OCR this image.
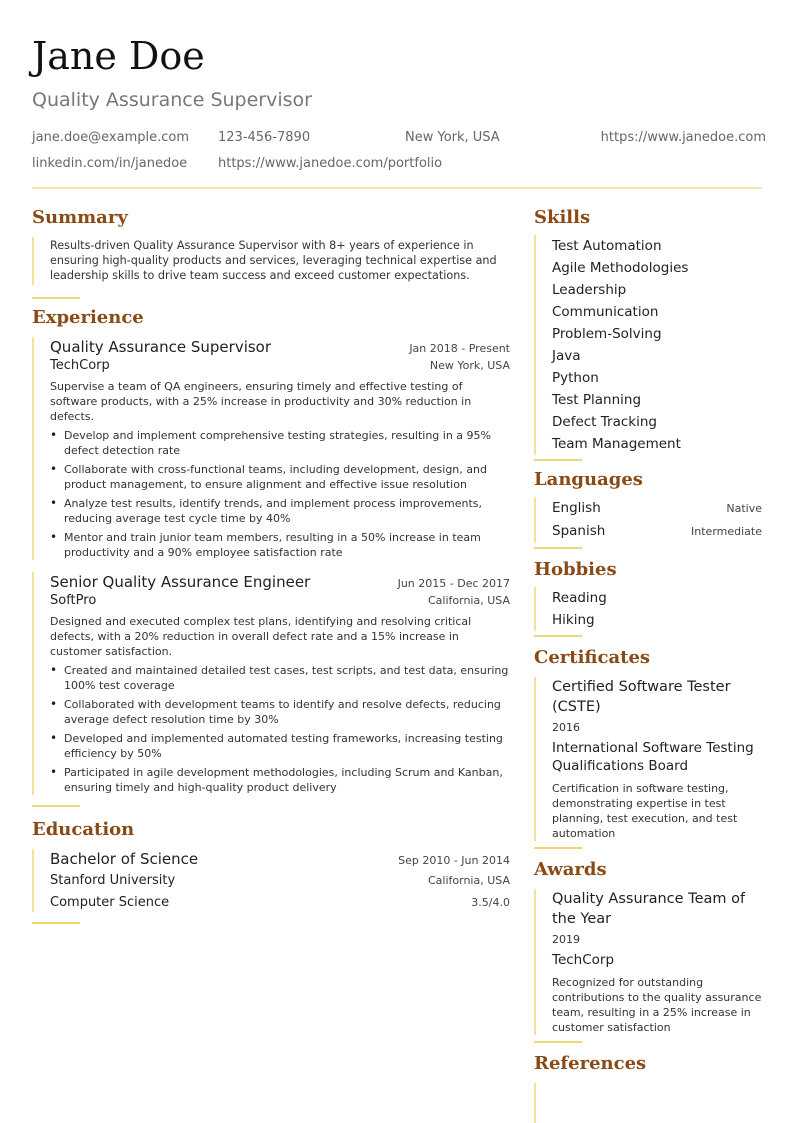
Jane Doe
Quality Assurance Supervisor
jane.doe@example.com 123-456-7890	New York, USA	https://www.janedoe.com
linkedin.com/in/janedoe https://www.janedoe.com/portfolio
Summary

Results-driven Quality Assurance Supervisor with 8+ years of experience in ensuring high-quality products and services, leveraging technical expertise and leadership skills to drive team success and exceed customer expectations.

Experience
Quality Assurance Supervisor	Jan 2018 - Present
TechCorp	New York, USA

Supervise a team of QA engineers, ensuring timely and effective testing of software products, with a 25% increase in productivity and 30% reduction in defects.

• Develop and implement comprehensive testing strategies, resulting in a 95% defect detection rate
• Collaborate with cross-functional teams, including development, design, and product management, to ensure alignment and effective issue resolution
• Analyze test results, identify trends, and implement process improvements, reducing average test cycle time by 40%
• Mentor and train junior team members, resulting in a 50% increase in team productivity and a 90% employee satisfaction rate
Senior Quality Assurance Engineer	Jun 2015 - Dec 2017
SoftPro	California, USA

Designed and executed complex test plans, identifying and resolving critical defects, with a 20% reduction in overall defect rate and a 15% increase in customer satisfaction.

• Created and maintained detailed test cases, test scripts, and test data, ensuring 100% test coverage
• Collaborated with development teams to identify and resolve defects, reducing average defect resolution time by 30%
• Developed and implemented automated testing frameworks, increasing testing efficiency by 50%
• Participated in agile development methodologies, including Scrum and Kanban, ensuring timely and high-quality product delivery
Education
Bachelor of Science	Sep 2010 - Jun 2014
Stanford University	California, USA
Computer Science	3.5/4.0
Skills
Test Automation
Agile Methodologies
Leadership
Communication
Problem-Solving
Java
Python
Test Planning
Defect Tracking
Team Management
Languages
English	Native
Spanish	Intermediate
Hobbies
Reading
Hiking
Certificates
Certified Software Tester (CSTE)
2016
International Software Testing Qualifications Board

Certification in software testing, demonstrating expertise in test planning, test execution, and test automation

Awards
Quality Assurance Team of the Year
2019
TechCorp

Recognized for outstanding contributions to the quality assurance team, resulting in a 25% increase in customer satisfaction

References
